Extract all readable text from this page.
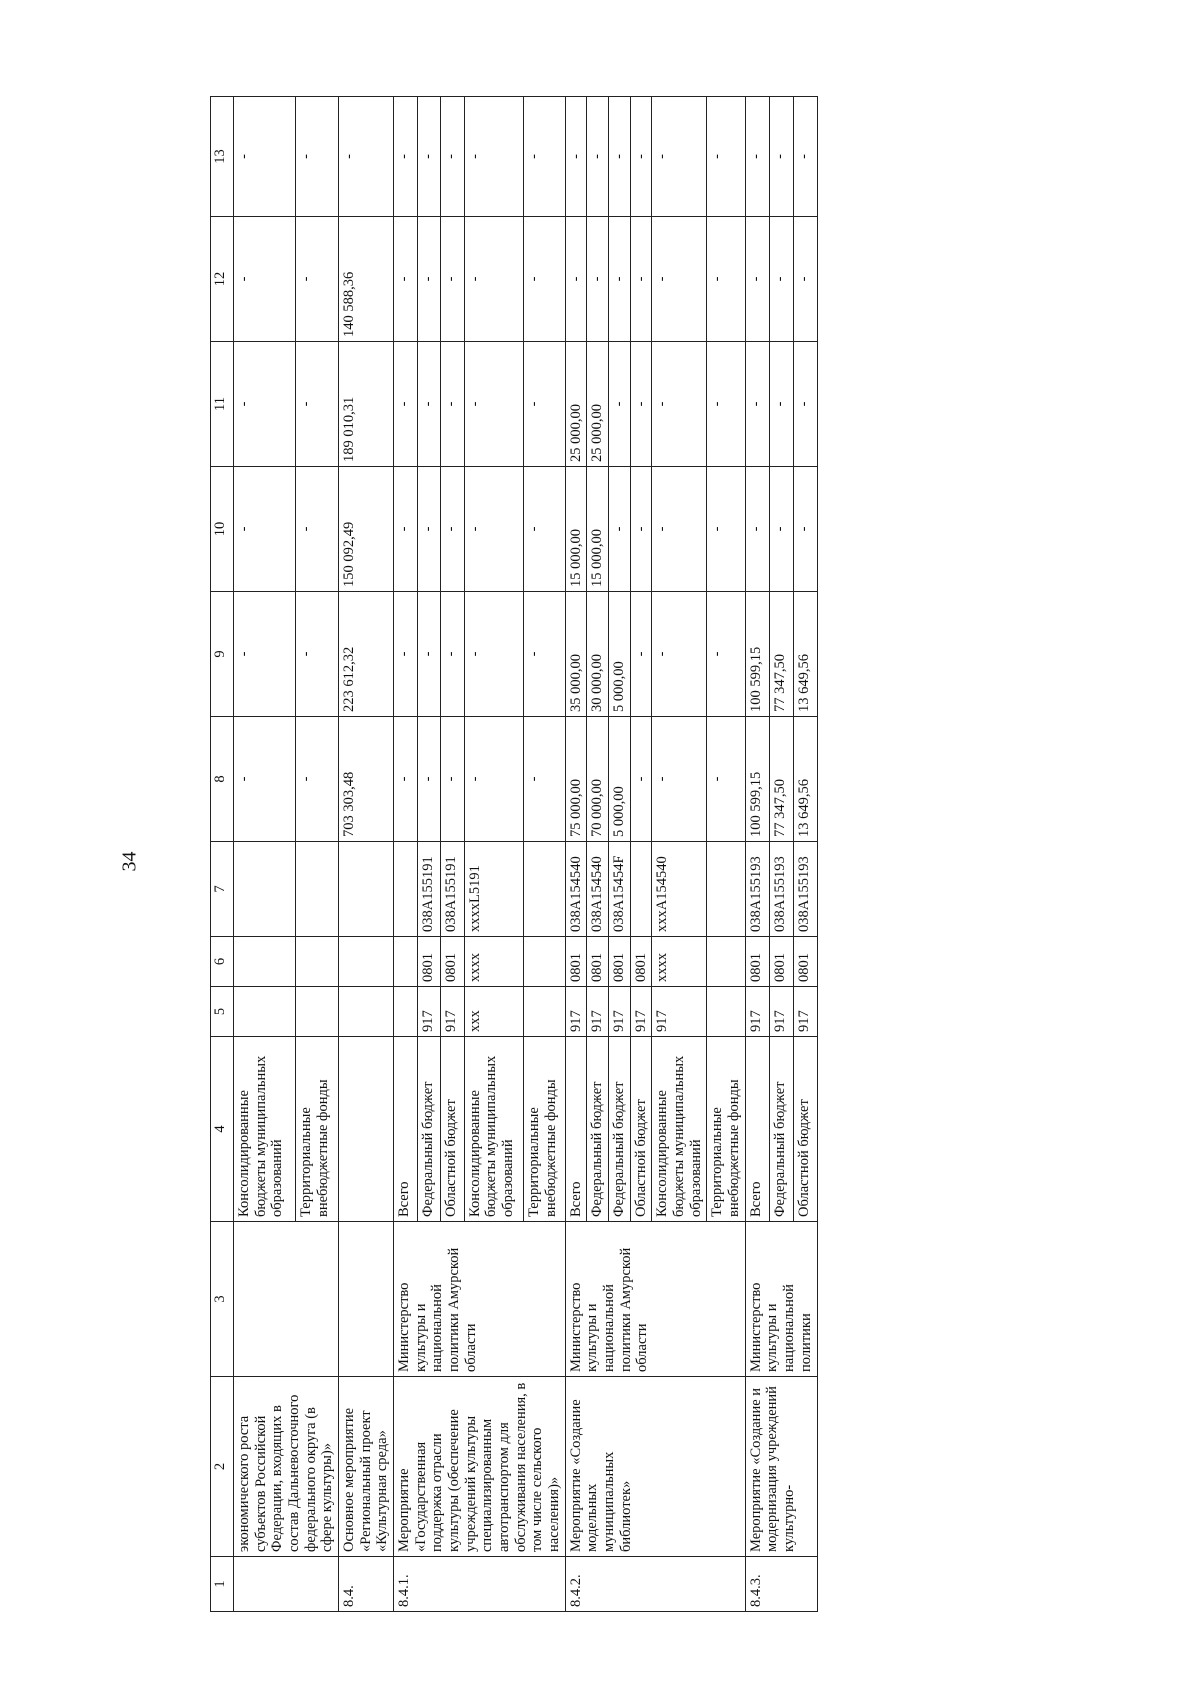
34
1	2	3	4	5	6	7	8	9	10	11	12	13
	экономического роста субъектов Российской Федерации, входящих в состав Дальневосточного федерального округа (в сфере культуры)»		Консолидированные бюджеты муниципальных образований				-	-	-	-	-	-
			Территориальные внебюджетные фонды				-	-	-	-	-	-
8.4.	Основное мероприятие «Региональный проект «Культурная среда»						703 303,48	223 612,32	150 092,49	189 010,31	140 588,36	-
8.4.1.	Мероприятие «Государственная поддержка отрасли культуры (обеспечение учреждений культуры специализированным автотранспортом для обслуживания населения, в том числе сельского населения)»	Министерство культуры и национальной политики Амурской области	Всего				-	-	-	-	-	-
			Федеральный бюджет	917	0801	038A155191	-	-	-	-	-	-
			Областной бюджет	917	0801	038A155191	-	-	-	-	-	-
			Консолидированные бюджеты муниципальных образований	ххх	хххх	ххххL5191	-	-	-	-	-	-
			Территориальные внебюджетные фонды				-	-	-	-	-	-
8.4.2.	Мероприятие «Создание модельных муниципальных библиотек»	Министерство культуры и национальной политики Амурской области	Всего	917	0801	038A154540	75 000,00	35 000,00	15 000,00	25 000,00	-	-
			Федеральный бюджет	917	0801	038A154540	70 000,00	30 000,00	15 000,00	25 000,00	-	-
			Федеральный бюджет	917	0801	038A15454F	5 000,00	5 000,00	-	-	-	-
			Областной бюджет	917	0801		-	-	-	-	-	-
			Консолидированные бюджеты муниципальных образований	917	хххх	хххА154540	-	-	-	-	-	-
			Территориальные внебюджетные фонды				-	-	-	-	-	-
8.4.3.	Мероприятие «Создание и модернизация учреждений культурно-	Министерство культуры и национальной политики	Всего	917	0801	038A155193	100 599,15	100 599,15	-	-	-	-
			Федеральный бюджет	917	0801	038A155193	77 347,50	77 347,50	-	-	-	-
			Областной бюджет	917	0801	038A155193	13 649,56	13 649,56	-	-	-	-
